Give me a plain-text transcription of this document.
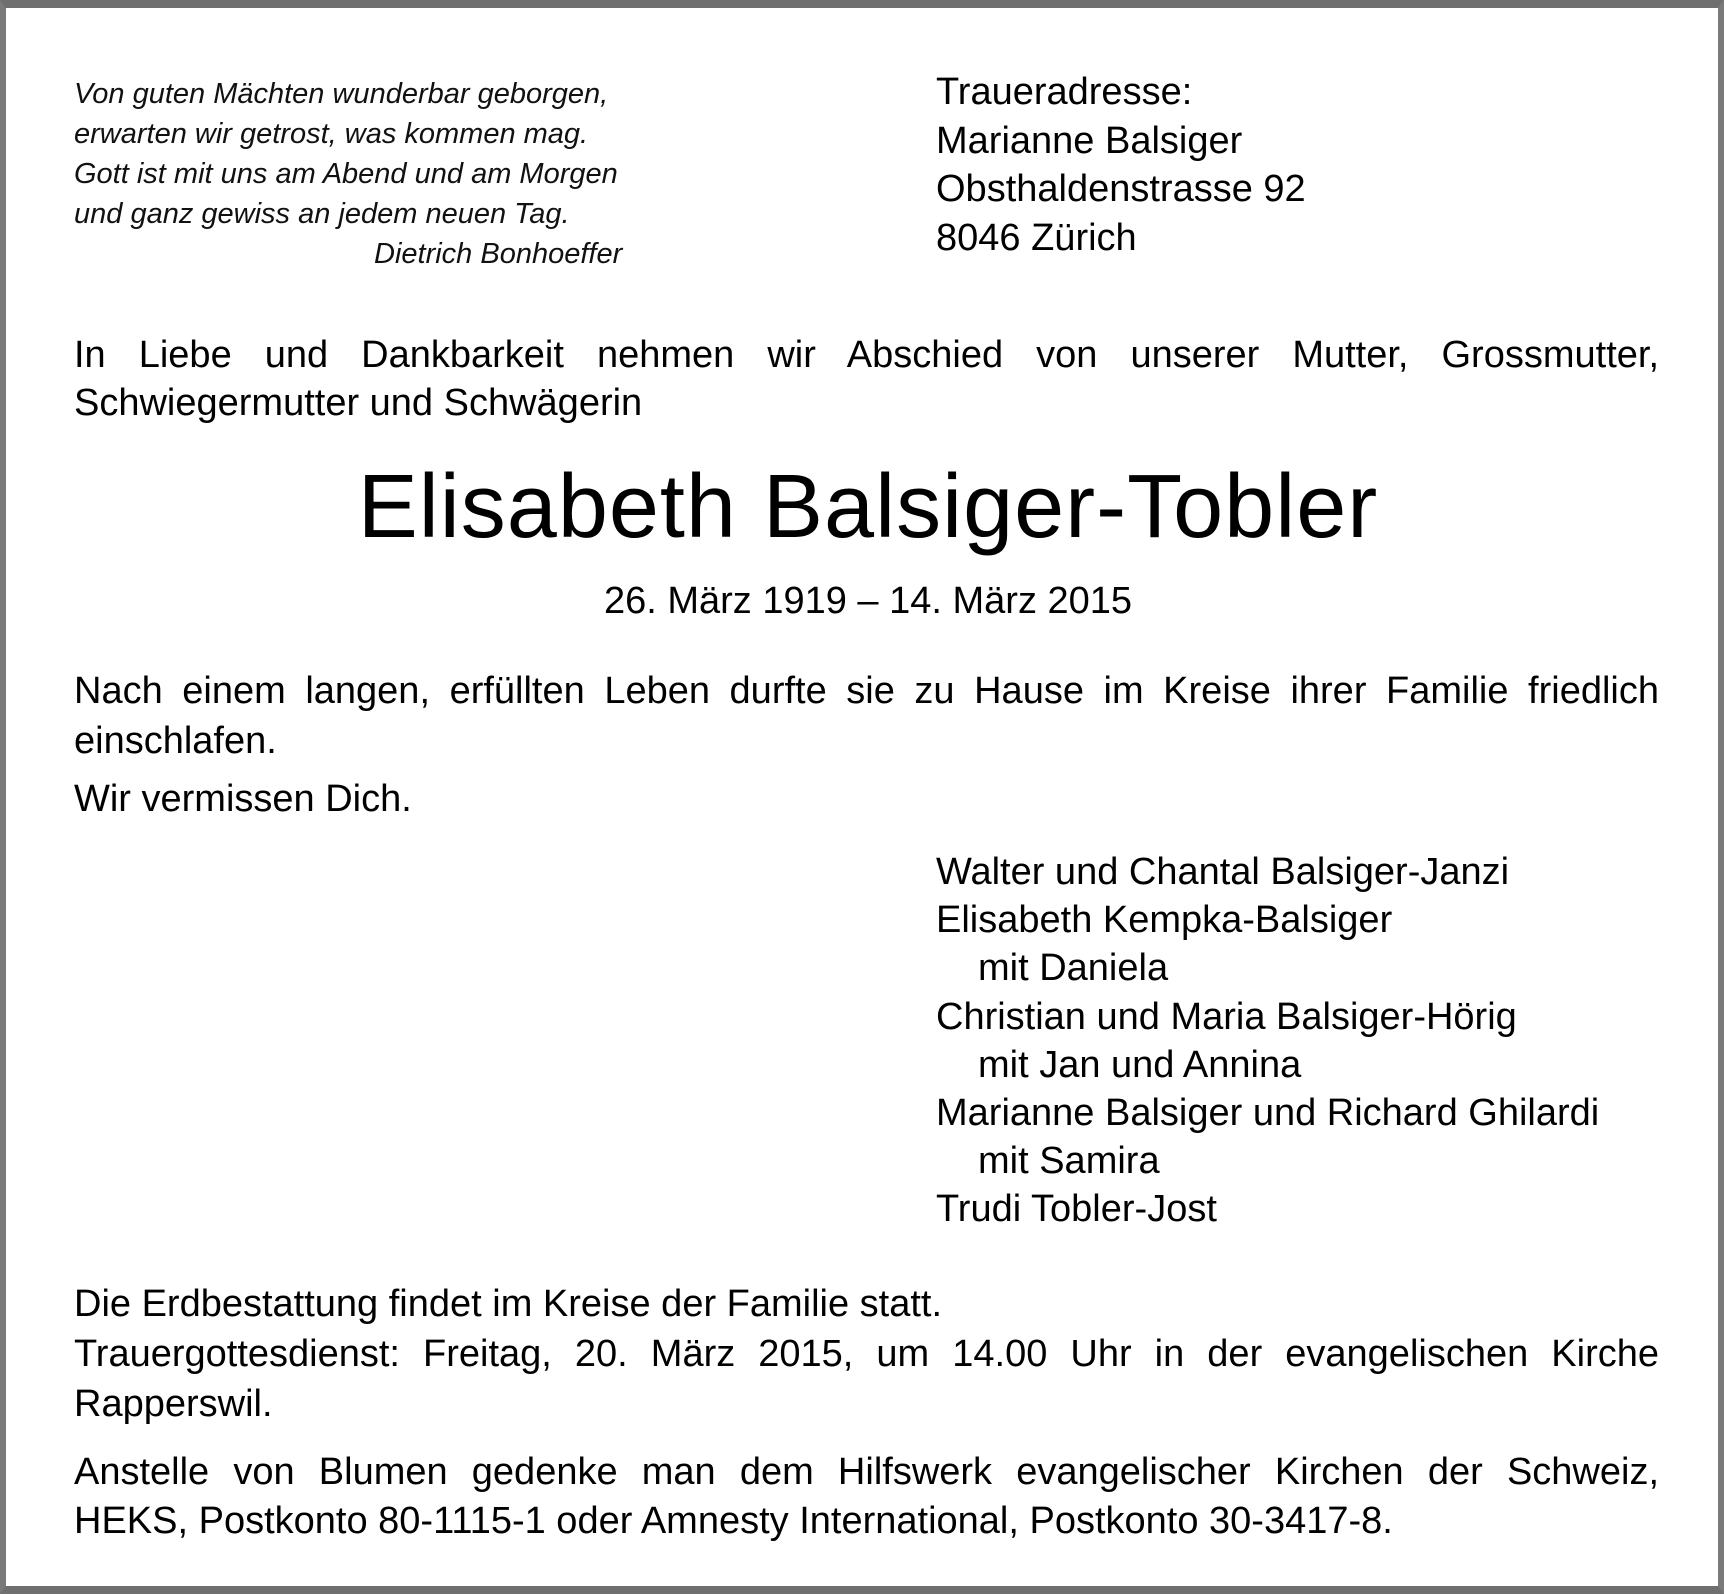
Von guten Mächten wunderbar geborgen,
erwarten wir getrost, was kommen mag.
Gott ist mit uns am Abend und am Morgen
und ganz gewiss an jedem neuen Tag.
Dietrich Bonhoeffer
Traueradresse:
Marianne Balsiger
Obsthaldenstrasse 92
8046 Zürich
In Liebe und Dankbarkeit nehmen wir Abschied von unserer Mutter, Grossmutter,
Schwiegermutter und Schwägerin
Elisabeth Balsiger-Tobler
26. März 1919 – 14. März 2015
Nach einem langen, erfüllten Leben durfte sie zu Hause im Kreise ihrer Familie friedlich
einschlafen.
Wir vermissen Dich.
Walter und Chantal Balsiger-Janzi
Elisabeth Kempka-Balsiger
mit Daniela
Christian und Maria Balsiger-Hörig
mit Jan und Annina
Marianne Balsiger und Richard Ghilardi
mit Samira
Trudi Tobler-Jost
Die Erdbestattung findet im Kreise der Familie statt.
Trauergottesdienst: Freitag, 20. März 2015, um 14.00 Uhr in der evangelischen Kirche
Rapperswil.
Anstelle von Blumen gedenke man dem Hilfswerk evangelischer Kirchen der Schweiz,
HEKS, Postkonto 80-1115-1 oder Amnesty International, Postkonto 30-3417-8.
